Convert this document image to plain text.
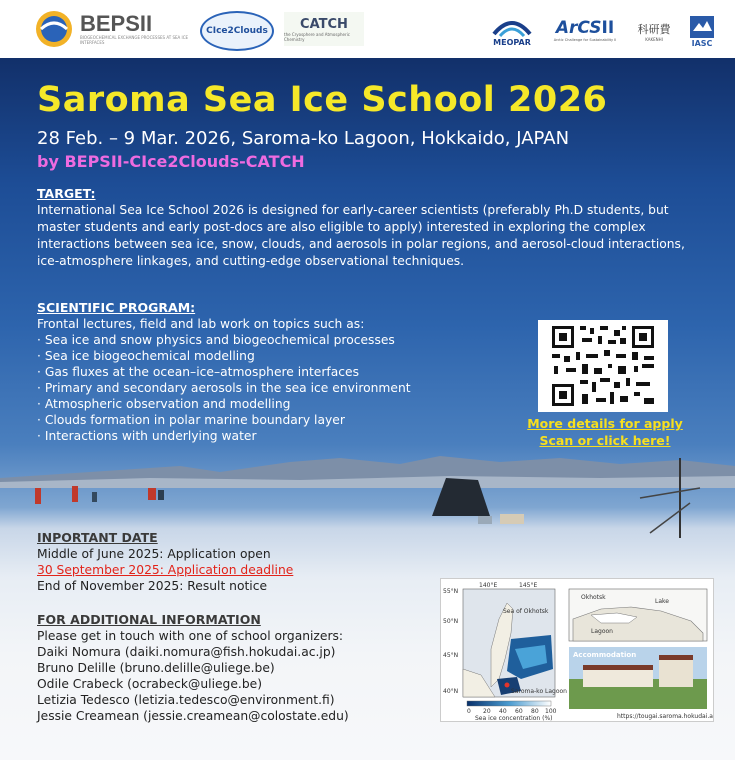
BEPSII
BIOGEOCHEMICAL EXCHANGE PROCESSES AT SEA ICE INTERFACES
CIce2Clouds CATCH
the Cryosphere and Atmospheric Chemistry	MEOPAR
ArCSII
Arctic Challenge for Sustainability II
科研費
KAKENHI	IASC
Saroma Sea Ice School 2026
28 Feb. – 9 Mar. 2026, Saroma-ko Lagoon, Hokkaido, JAPAN
by BEPSII-CIce2Clouds-CATCH
TARGET:
International Sea Ice School 2026 is designed for early-career scientists (preferably Ph.D students, but master students and early post-docs are also eligible to apply) interested in exploring the complex interactions between sea ice, snow, clouds, and aerosols in polar regions, and aerosol-cloud interactions, ice-atmosphere linkages, and cutting-edge observational techniques.
SCIENTIFIC PROGRAM:
Frontal lectures, field and lab work on topics such as:
· Sea ice and snow physics and biogeochemical processes
· Sea ice biogeochemical modelling
· Gas fluxes at the ocean–ice–atmosphere interfaces
· Primary and secondary aerosols in the sea ice environment
· Atmospheric observation and modelling
· Clouds formation in polar marine boundary layer
· Interactions with underlying water
More details for apply
Scan or click here!
INPORTANT DATE
Middle of June 2025: Application open
30 September 2025: Application deadline
End of November 2025: Result notice
FOR ADDITIONAL INFORMATION
Please get in touch with one of school organizers:
Daiki Nomura (daiki.nomura@fish.hokudai.ac.jp)
Bruno Delille (bruno.delille@uliege.be)
Odile Crabeck (ocrabeck@uliege.be)
Letizia Tedesco (letizia.tedesco@environment.fi)
Jessie Creamean (jessie.creamean@colostate.edu)
140°E	145°E
55°N
50°N
45°N
40°N
Sea of Okhotsk
Saroma-ko Lagoon
0 20 40 60 80 100
Sea ice concentration (%)
Okhotsk
Lake
Lagoon
Accommodation
https://tougai.saroma.hokudai.ac.jp
